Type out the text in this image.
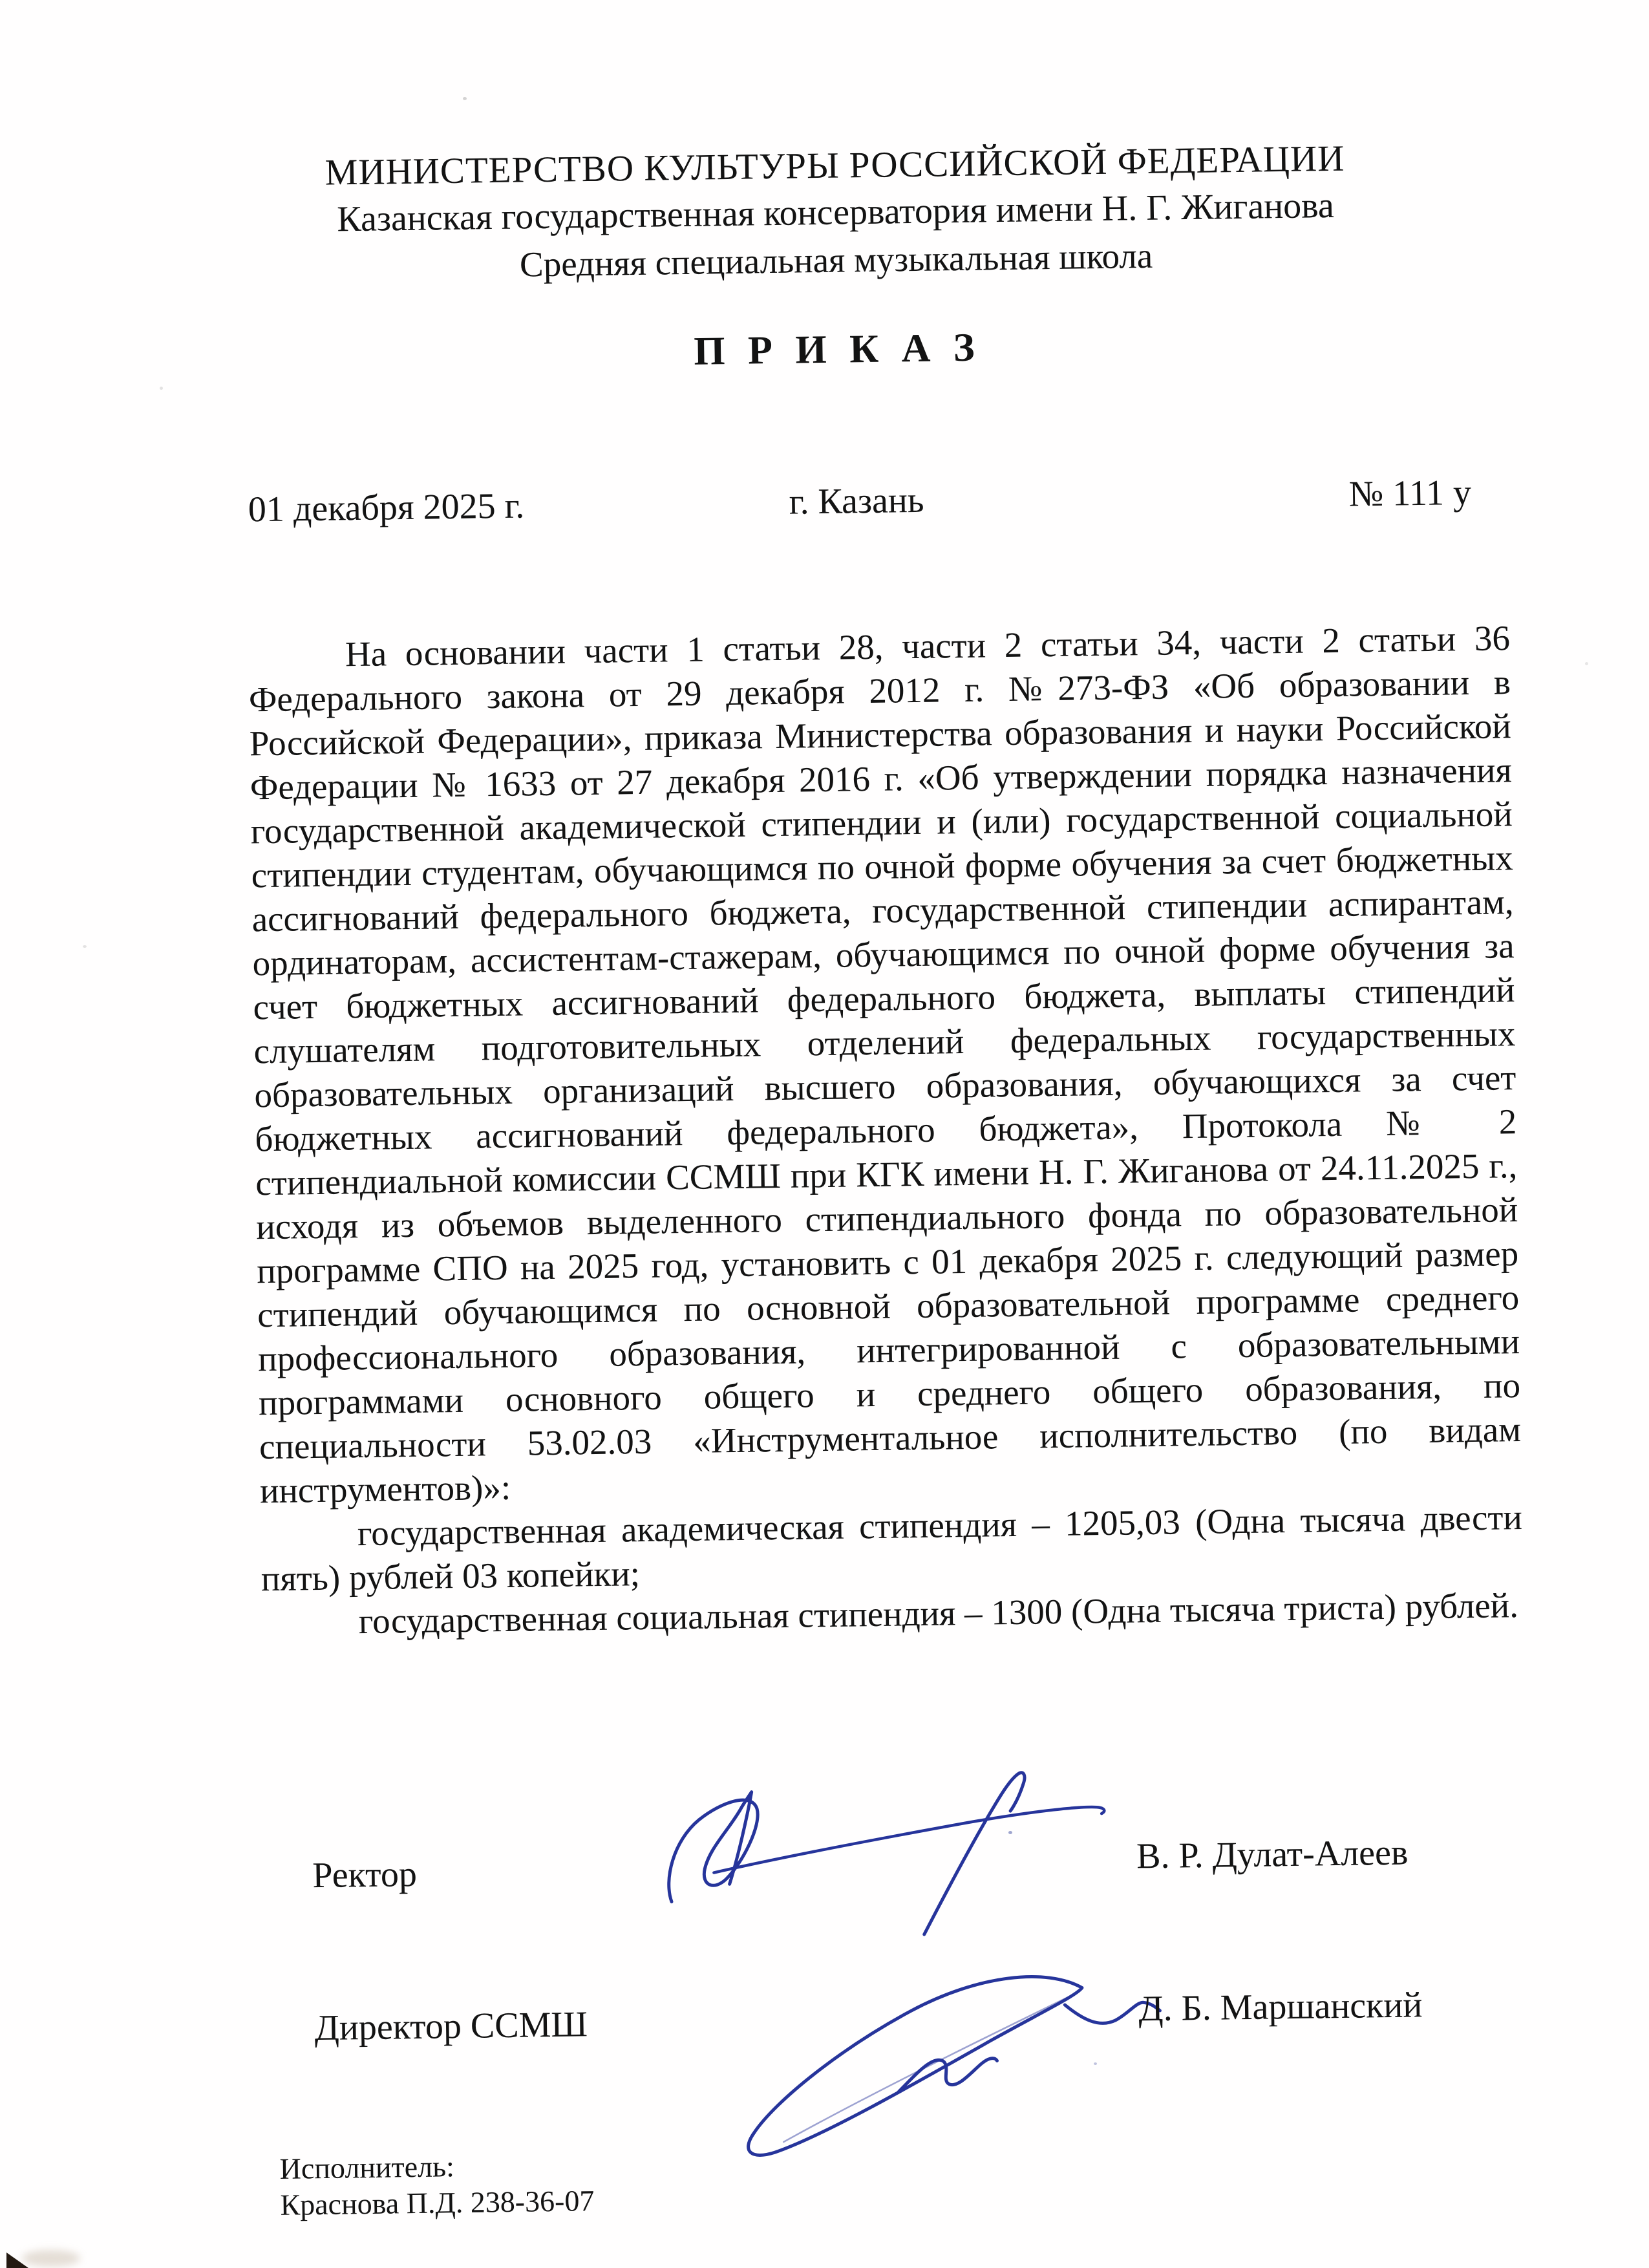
МИНИСТЕРСТВО КУЛЬТУРЫ РОССИЙСКОЙ ФЕДЕРАЦИИ
Казанская государственная консерватория имени Н. Г. Жиганова
Средняя специальная музыкальная школа
П Р И К А З
01 декабря 2025 г.	г. Казань	№ 111 у

На основании части 1 статьи 28, части 2 статьи 34, части 2 статьи 36 Федерального закона от 29 декабря 2012 г. №273-ФЗ «Об образовании в Российской Федерации», приказа Министерства образования и науки Российской Федерации № 1633 от 27 декабря 2016 г. «Об утверждении порядка назначения государственной академической стипендии и (или) государственной социальной стипендии студентам, обучающимся по очной форме обучения за счет бюджетных ассигнований федерального бюджета, государственной стипендии аспирантам, ординаторам, ассистентам-стажерам, обучающимся по очной форме обучения за счет бюджетных ассигнований федерального бюджета, выплаты стипендий слушателям подготовительных отделений федеральных государственных образовательных организаций высшего образования, обучающихся за счет бюджетных ассигнований федерального бюджета», Протокола № 2 стипендиальной комиссии ССМШ при КГК имени Н. Г. Жиганова от 24.11.2025 г., исходя из объемов выделенного стипендиального фонда по образовательной программе СПО на 2025 год, установить с 01 декабря 2025 г. следующий размер стипендий обучающимся по основной образовательной программе среднего профессионального образования, интегрированной с образовательными программами основного общего и среднего общего образования, по специальности 53.02.03 «Инструментальное исполнительство (по видам инструментов)»:

государственная академическая стипендия – 1205,03 (Одна тысяча двести пять) рублей 03 копейки;

государственная социальная стипендия – 1300 (Одна тысяча триста) рублей.

Ректор	В. Р. Дулат-Алеев
Директор ССМШ	Д. Б. Маршанский
Исполнитель:
Краснова П.Д. 238-36-07
